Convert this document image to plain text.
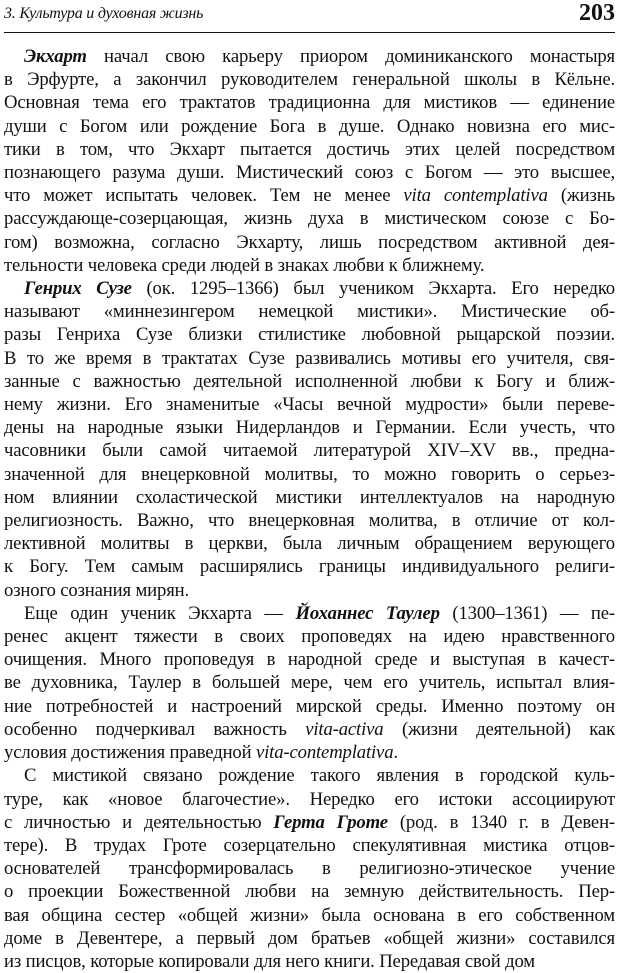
3. Культура и духовная жизнь	203

Экхарт начал свою карьеру приором доминиканского монастыря
в Эрфурте, а закончил руководителем генеральной школы в Кёльне.
Основная тема его трактатов традиционна для мистиков — единение
души с Богом или рождение Бога в душе. Однако новизна его мис-
тики в том, что Экхарт пытается достичь этих целей посредством
познающего разума души. Мистический союз с Богом — это высшее,
что может испытать человек. Тем не менее vita contemplativa (жизнь
рассуждающе-созерцающая, жизнь духа в мистическом союзе с Бо-
гом) возможна, согласно Экхарту, лишь посредством активной дея-
тельности человека среди людей в знаках любви к ближнему.

Генрих Сузе (ок. 1295–1366) был учеником Экхарта. Его нередко
называют «миннезингером немецкой мистики». Мистические об-
разы Генриха Сузе близки стилистике любовной рыцарской поэзии.
В то же время в трактатах Сузе развивались мотивы его учителя, свя-
занные с важностью деятельной исполненной любви к Богу и ближ-
нему жизни. Его знаменитые «Часы вечной мудрости» были переве-
дены на народные языки Нидерландов и Германии. Если учесть, что
часовники были самой читаемой литературой XIV–XV вв., предна-
значенной для внецерковной молитвы, то можно говорить о серьез-
ном влиянии схоластической мистики интеллектуалов на народную
религиозность. Важно, что внецерковная молитва, в отличие от кол-
лективной молитвы в церкви, была личным обращением верующего
к Богу. Тем самым расширялись границы индивидуального религи-
озного сознания мирян.

Еще один ученик Экхарта — Йоханнес Таулер (1300–1361) — пе-
ренес акцент тяжести в своих проповедях на идею нравственного
очищения. Много проповедуя в народной среде и выступая в качест-
ве духовника, Таулер в большей мере, чем его учитель, испытал влия-
ние потребностей и настроений мирской среды. Именно поэтому он
особенно подчеркивал важность vita-activa (жизни деятельной) как
условия достижения праведной vita-contemplativa.

С мистикой связано рождение такого явления в городской куль-
туре, как «новое благочестие». Нередко его истоки ассоциируют
с личностью и деятельностью Герта Гроте (род. в 1340 г. в Девен-
тере). В трудах Гроте созерцательно спекулятивная мистика отцов-
основателей трансформировалась в религиозно-этическое учение
о проекции Божественной любви на земную действительность. Пер-
вая община сестер «общей жизни» была основана в его собственном
доме в Девентере, а первый дом братьев «общей жизни» составился
из писцов, которые копировали для него книги. Передавая свой дом
